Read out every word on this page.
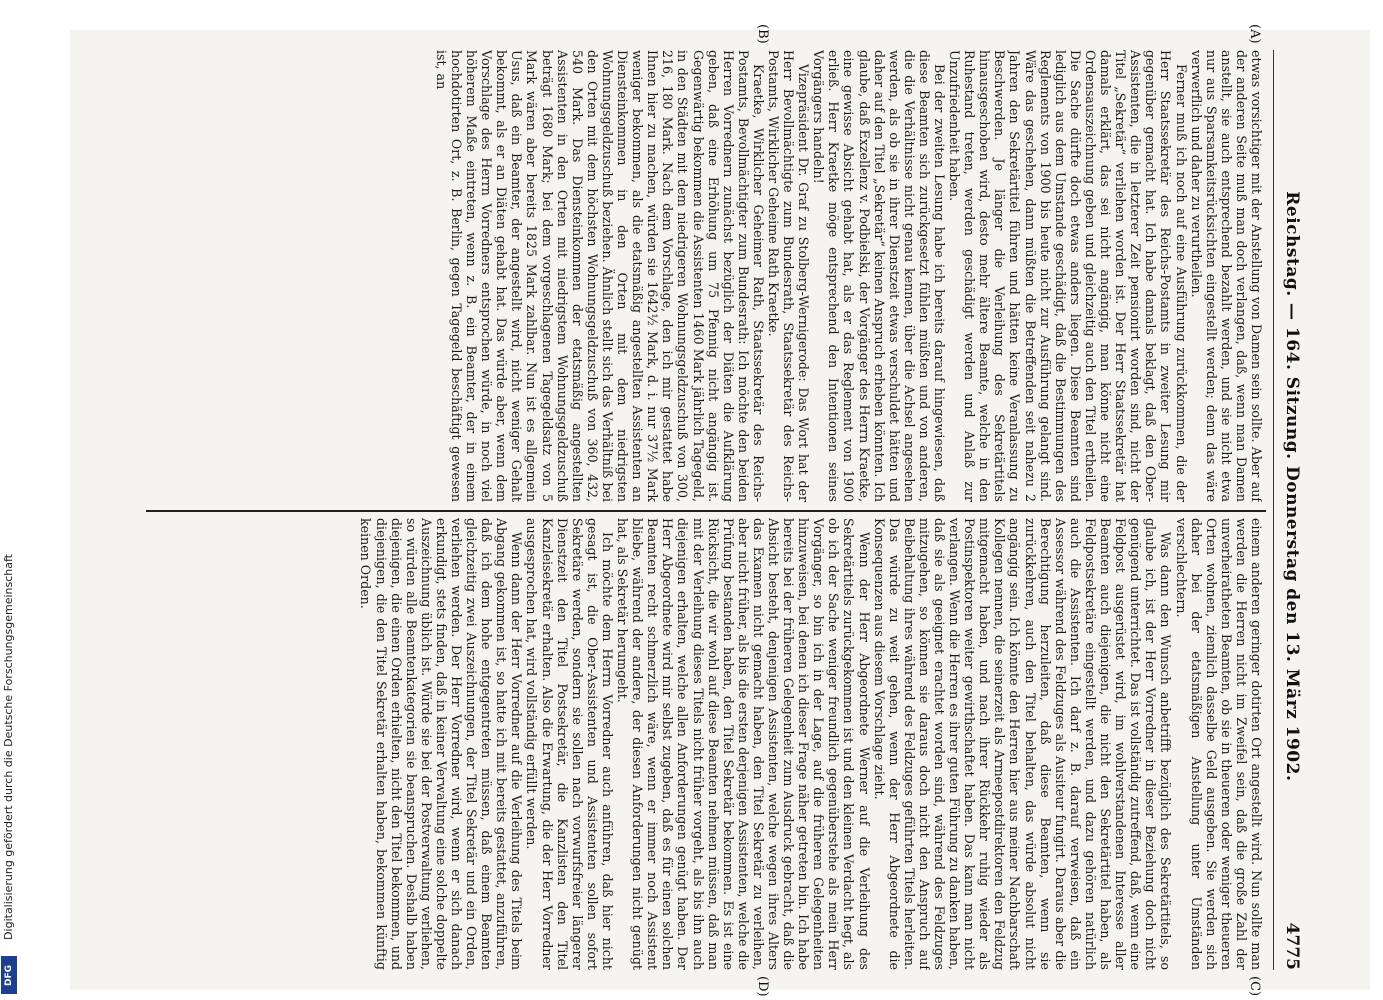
Digitalisierung gefördert durch die Deutsche Forschungsgemeinschaft
DFG
Reichstag. — 164. Sitzung. Donnerstag den 13. März 1902.
4775
(A)
(B)
(C)
(D)

etwas vorsichtiger mit der Anstellung von Damen sein sollte. Aber auf der anderen Seite muß man doch verlangen, daß, wenn man Damen anstellt, sie auch entsprechend bezahlt werden, und sie nicht etwa nur aus Sparsamkeitsrücksichten eingestellt werden; denn das wäre verwerflich und daher zu verurtheilen.

Ferner muß ich noch auf eine Ausführung zurückkommen, die der Herr Staatssekretär des Reichs-Postamts in zweiter Lesung mir gegenüber gemacht hat. Ich habe damals beklagt, daß den Ober-Assistenten, die in letzterer Zeit pensionirt worden sind, nicht der Titel „Sekretär“ verliehen worden ist. Der Herr Staatssekretär hat damals erklärt, das sei nicht angängig, man könne nicht eine Ordensauszeichnung geben und gleichzeitig auch den Titel ertheilen. Die Sache dürfte doch etwas anders liegen. Diese Beamten sind lediglich aus dem Umstande geschädigt, daß die Bestimmungen des Reglements von 1900 bis heute nicht zur Ausführung gelangt sind. Wäre das geschehen, dann müßten die Betreffenden seit nahezu 2 Jahren den Sekretärtitel führen und hätten keine Veranlassung zu Beschwerden. Je länger die Verleihung des Sekretärtitels hinausgeschoben wird, desto mehr ältere Beamte, welche in den Ruhestand treten, werden geschädigt werden und Anlaß zur Unzufriedenheit haben.

Bei der zweiten Lesung habe ich bereits darauf hingewiesen, daß diese Beamten sich zurückgesetzt fühlen müßten und von anderen, die die Verhältnisse nicht genau kennen, über die Achsel angesehen werden, als ob sie in ihrer Dienstzeit etwas verschuldet hätten und daher auf den Titel „Sekretär“ keinen Anspruch erheben könnten. Ich glaube, daß Exzellenz v. Podbielski, der Vorgänger des Herrn Kraetke, eine gewisse Absicht gehabt hat, als er das Reglement von 1900 erließ. Herr Kraetke möge entsprechend den Intentionen seines Vorgängers handeln!

Vizepräsident Dr. Graf zu Stolberg-Wernigerode: Das Wort hat der Herr Bevollmächtigte zum Bundesrath, Staatssekretär des Reichs-Postamts, Wirklicher Geheime Rath Kraetke.

Kraetke, Wirklicher Geheimer Rath, Staatssekretär des Reichs-Postamts, Bevollmächtigter zum Bundesrath: Ich möchte den beiden Herren Vorrednern zunächst bezüglich der Diäten die Aufklärung geben, daß eine Erhöhung um 75 Pfennig nicht angängig ist. Gegenwärtig bekommen die Assistenten 1460 Mark jährlich Tagegeld, in den Städten mit dem niedrigeren Wohnungsgeldzuschuß von 300, 216, 180 Mark. Nach dem Vorschlage, den ich mir gestattet habe Ihnen hier zu machen, würden sie 1642½ Mark, d. i. nur 37½ Mark weniger bekommen, als die etatsmäßig angestellten Assistenten an Diensteinkommen in den Orten mit dem niedrigsten Wohnungsgeldzuschuß beziehen. Ähnlich stellt sich das Verhältniß bei den Orten mit dem höchsten Wohnungsgeldzuschuß von 360, 432, 540 Mark. Das Diensteinkommen der etatsmäßig angestellten Assistenten in den Orten mit niedrigstem Wohnungsgeldzuschuß beträgt 1680 Mark; bei dem vorgeschlagenen Tagegeldsatz von 5 Mark wären aber bereits 1825 Mark zahlbar. Nun ist es allgemein Usus, daß ein Beamter, der angestellt wird, nicht weniger Gehalt bekommt, als er an Diäten gehabt hat. Das würde aber, wenn dem Vorschlage des Herrn Vorredners entsprochen würde, in noch viel höherem Maße eintreten, wenn z. B. ein Beamter, der in einem hochdotirten Ort, z. B. Berlin, gegen Tagegeld beschäftigt gewesen ist, an

einem anderen geringer dotirten Ort angestellt wird. Nun sollte man werden die Herren nicht im Zweifel sein, daß die große Zahl der unverheiratheten Beamten, ob sie in theueren oder weniger theueren Orten wohnen, ziemlich dasselbe Geld ausgeben. Sie werden sich daher bei der etatsmäßigen Anstellung unter Umständen verschlechtern.

Was dann den Wunsch anbetrifft bezüglich des Sekretärtitels, so glaube ich, ist der Herr Vorredner in dieser Beziehung doch nicht genügend unterrichtet. Das ist vollständig zutreffend, daß, wenn eine Feldpost ausgerüstet wird, im wohlverstandenen Interesse aller Beamten auch diejenigen, die nicht den Sekretärtitel haben, als Feldpostsekretäre eingestellt werden, und dazu gehören natürlich auch die Assistenten. Ich darf z. B. darauf verweisen, daß ein Assessor während des Feldzuges als Ausiteur fungirt. Daraus aber die Berechtigung herzuleiten, daß diese Beamten, wenn sie zurückkehren, auch den Titel behalten, das würde absolut nicht angängig sein. Ich könnte den Herren hier aus meiner Nachbarschaft Kollegen nennen, die seinerzeit als Armeepostdirektoren den Feldzug mitgemacht haben, und nach ihrer Rückkehr ruhig wieder als Postinspektoren weiter gewirthschaftet haben. Das kann man nicht verlangen. Wenn die Herren es ihrer guten Führung zu danken haben, daß sie als geeignet erachtet worden sind, während des Feldzuges mitzugehen, so können sie daraus doch nicht den Anspruch auf Beibehaltung ihres während des Feldzuges geführten Titels herleiten. Das würde zu weit gehen, wenn der Herr Abgeordnete die Konsequenzen aus diesem Vorschlage zieht.

Wenn der Herr Abgeordnete Werner auf die Verleihung des Sekretärtitels zurückgekommen ist und den kleinen Verdacht hegt, als ob ich der Sache weniger freundlich gegenüberstehe als mein Herr Vorgänger, so bin ich in der Lage, auf die früheren Gelegenheiten hinzuweisen, bei denen ich dieser Frage näher getreten bin. Ich habe bereits bei der früheren Gelegenheit zum Ausdruck gebracht, daß die Absicht besteht, denjenigen Assistenten, welche wegen ihres Alters das Examen nicht gemacht haben, den Titel Sekretär zu verleihen, aber nicht früher, als bis die ersten derjenigen Assistenten, welche die Prüfung bestanden haben, den Titel Sekretär bekommen. Es ist eine Rücksicht, die wir wohl auf diese Beamten nehmen müssen, daß man mit der Verleihung dieses Titels nicht früher vorgeht, als bis ihn auch diejenigen erhalten, welche allen Anforderungen genügt haben. Der Herr Abgeordnete wird mir selbst zugeben, daß es für einen solchen Beamten recht schmerzlich wäre, wenn er immer noch Assistent bliebe, während der andere, der diesen Anforderungen nicht genügt hat, als Sekretär herumgeht.

Ich möchte dem Herrn Vorredner auch anführen, daß hier nicht gesagt ist, die Ober-Assistenten und Assistenten sollen sofort Sekretäre werden, sondern sie sollen nach vorwurfsfreier längerer Dienstzeit den Titel Postsekretär, die Kanzlisten den Titel Kanzleisekretär erhalten. Also die Erwartung, die der Herr Vorredner ausgesprochen hat, wird vollständig erfüllt werden.

Wenn dann der Herr Vorredner auf die Verleihung des Titels beim Abgang gekommen ist, so hatte ich mit bereits gestattet, anzuführen, daß ich dem hohe entgegentreten müssen, daß einem Beamten gleichzeitig zwei Auszeichnungen, der Titel Sekretär und ein Orden, verliehen werden. Der Herr Vorredner wird, wenn er sich danach erkundigt, stets finden, daß in keiner Verwaltung eine solche doppelte Auszeichnung üblich ist. Würde sie bei der Postverwaltung verliehen, so würden alle Beamtenkategorien sie beanspruchen. Deshalb haben diejenigen, die einen Orden erhielten, nicht den Titel bekommen, und diejenigen, die den Titel Sekretär erhalten haben, bekommen künftig keinen Orden.
